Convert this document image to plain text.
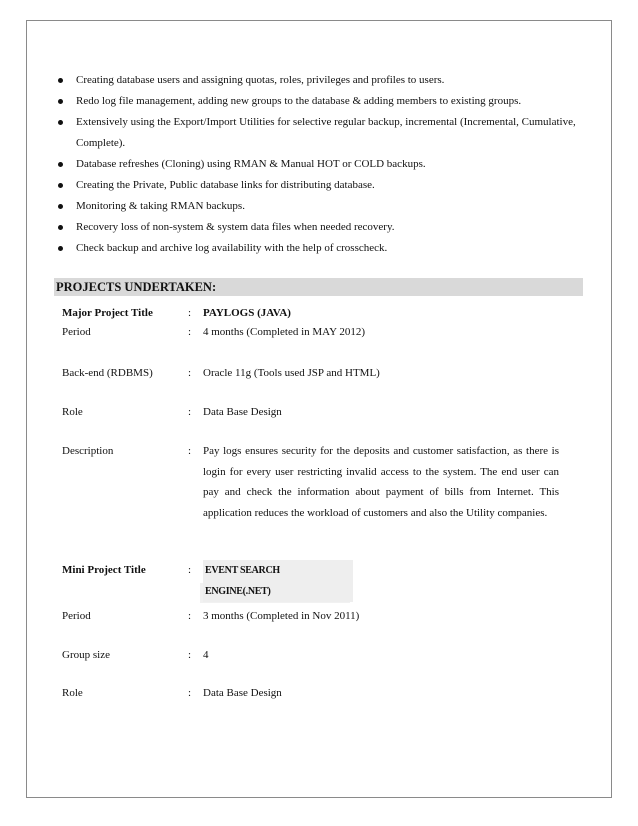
Creating database users and assigning quotas, roles, privileges and profiles to users.
Redo log file management, adding new groups to the database & adding members to existing groups.
Extensively using the Export/Import Utilities for selective regular backup, incremental (Incremental, Cumulative, Complete).
Database refreshes (Cloning) using RMAN & Manual HOT or COLD backups.
Creating the Private, Public database links for distributing database.
Monitoring & taking RMAN backups.
Recovery loss of non-system & system data files when needed recovery.
Check backup and archive log availability with the help of crosscheck.
PROJECTS UNDERTAKEN:
Major Project Title	: PAYLOGS (JAVA)
Period	: 4 months (Completed in MAY 2012)
Back-end (RDBMS)	: Oracle 11g (Tools used JSP and HTML)
Role	: Data Base Design
Description	: Pay logs ensures security for the deposits and customer satisfaction, as there is login for every user restricting invalid access to the system. The end user can pay and check the information about payment of bills from Internet. This application reduces the workload of customers and also the Utility companies.
Mini Project Title	: EVENT SEARCH ENGINE(.NET)
Period	: 3 months (Completed in Nov 2011)
Group size	: 4
Role	: Data Base Design
